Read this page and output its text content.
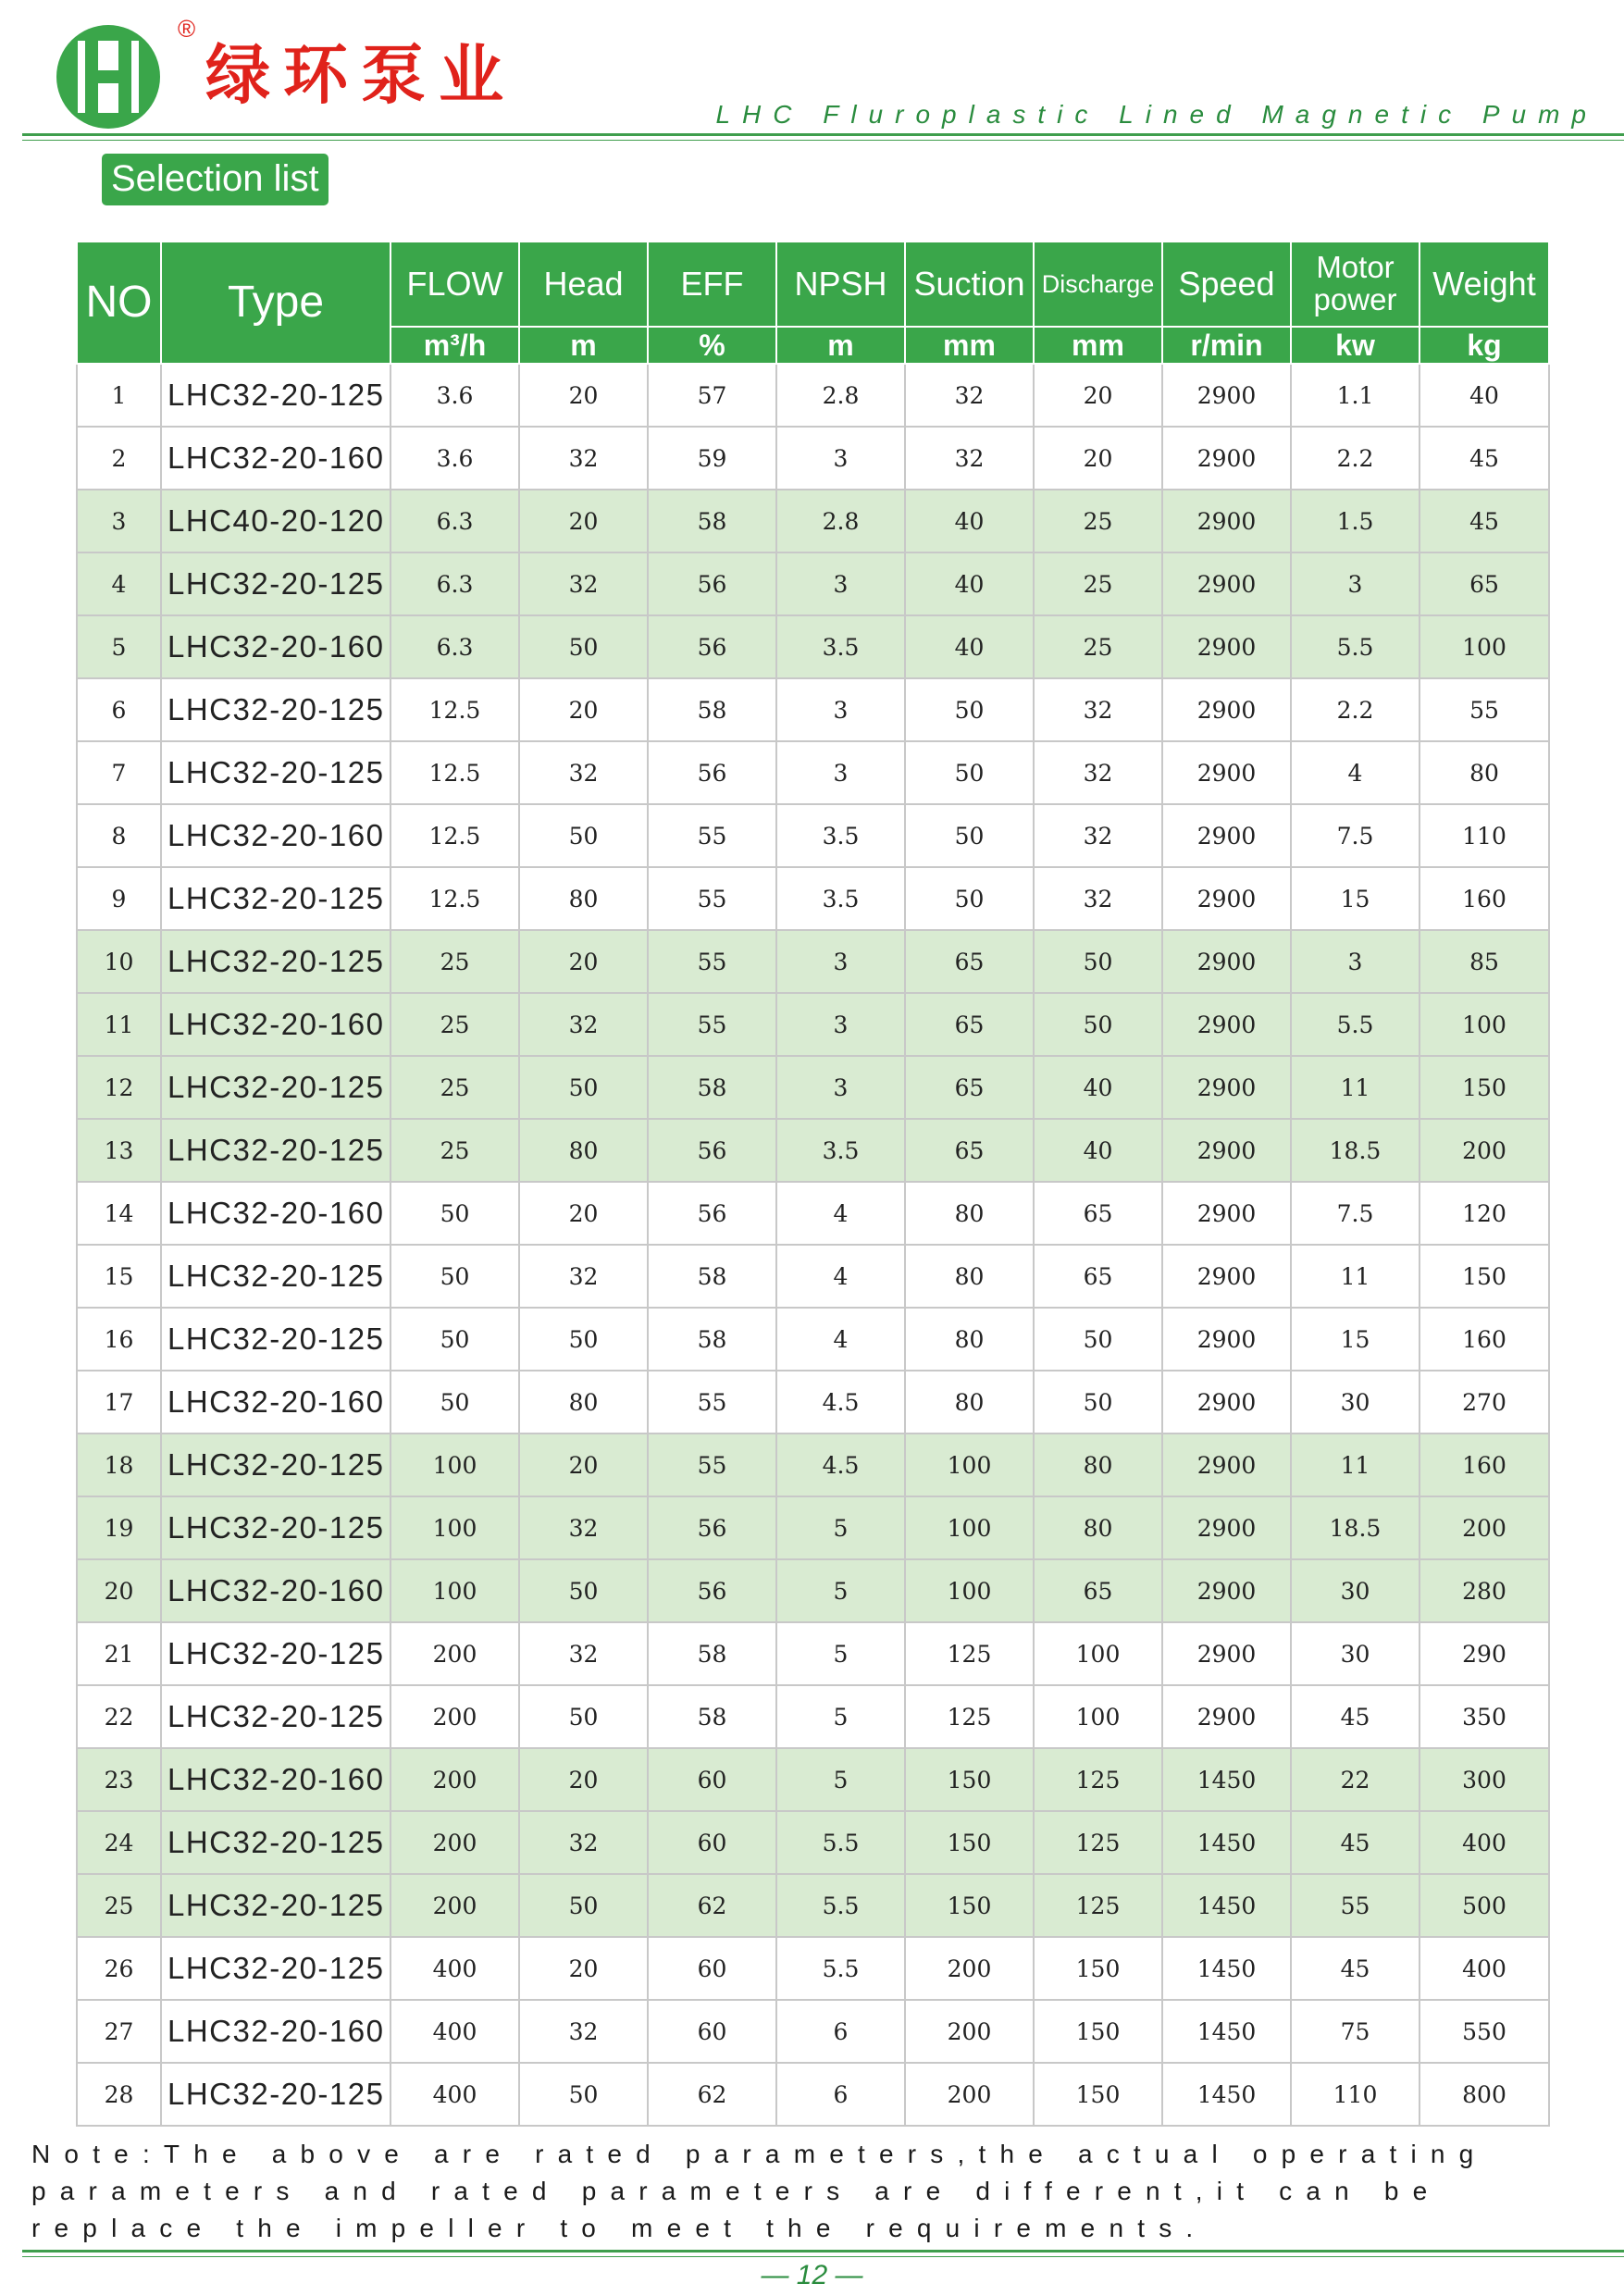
®
绿环泵业
LHC Fluroplastic Lined Magnetic Pump
Selection list
NO	Type	FLOW	Head	EFF	NPSH	Suction	Discharge	Speed	Motor power	Weight
		m³/h	m	%	m	mm	mm	r/min	kw	kg
1	LHC32-20-125	3.6	20	57	2.8	32	20	2900	1.1	40
2	LHC32-20-160	3.6	32	59	3	32	20	2900	2.2	45
3	LHC40-20-120	6.3	20	58	2.8	40	25	2900	1.5	45
4	LHC32-20-125	6.3	32	56	3	40	25	2900	3	65
5	LHC32-20-160	6.3	50	56	3.5	40	25	2900	5.5	100
6	LHC32-20-125	12.5	20	58	3	50	32	2900	2.2	55
7	LHC32-20-125	12.5	32	56	3	50	32	2900	4	80
8	LHC32-20-160	12.5	50	55	3.5	50	32	2900	7.5	110
9	LHC32-20-125	12.5	80	55	3.5	50	32	2900	15	160
10	LHC32-20-125	25	20	55	3	65	50	2900	3	85
11	LHC32-20-160	25	32	55	3	65	50	2900	5.5	100
12	LHC32-20-125	25	50	58	3	65	40	2900	11	150
13	LHC32-20-125	25	80	56	3.5	65	40	2900	18.5	200
14	LHC32-20-160	50	20	56	4	80	65	2900	7.5	120
15	LHC32-20-125	50	32	58	4	80	65	2900	11	150
16	LHC32-20-125	50	50	58	4	80	50	2900	15	160
17	LHC32-20-160	50	80	55	4.5	80	50	2900	30	270
18	LHC32-20-125	100	20	55	4.5	100	80	2900	11	160
19	LHC32-20-125	100	32	56	5	100	80	2900	18.5	200
20	LHC32-20-160	100	50	56	5	100	65	2900	30	280
21	LHC32-20-125	200	32	58	5	125	100	2900	30	290
22	LHC32-20-125	200	50	58	5	125	100	2900	45	350
23	LHC32-20-160	200	20	60	5	150	125	1450	22	300
24	LHC32-20-125	200	32	60	5.5	150	125	1450	45	400
25	LHC32-20-125	200	50	62	5.5	150	125	1450	55	500
26	LHC32-20-125	400	20	60	5.5	200	150	1450	45	400
27	LHC32-20-160	400	32	60	6	200	150	1450	75	550
28	LHC32-20-125	400	50	62	6	200	150	1450	110	800
Note:The above are rated parameters,the actual operating parameters and rated parameters are different,it can be replace the impeller to meet the requirements.
— 12 —
